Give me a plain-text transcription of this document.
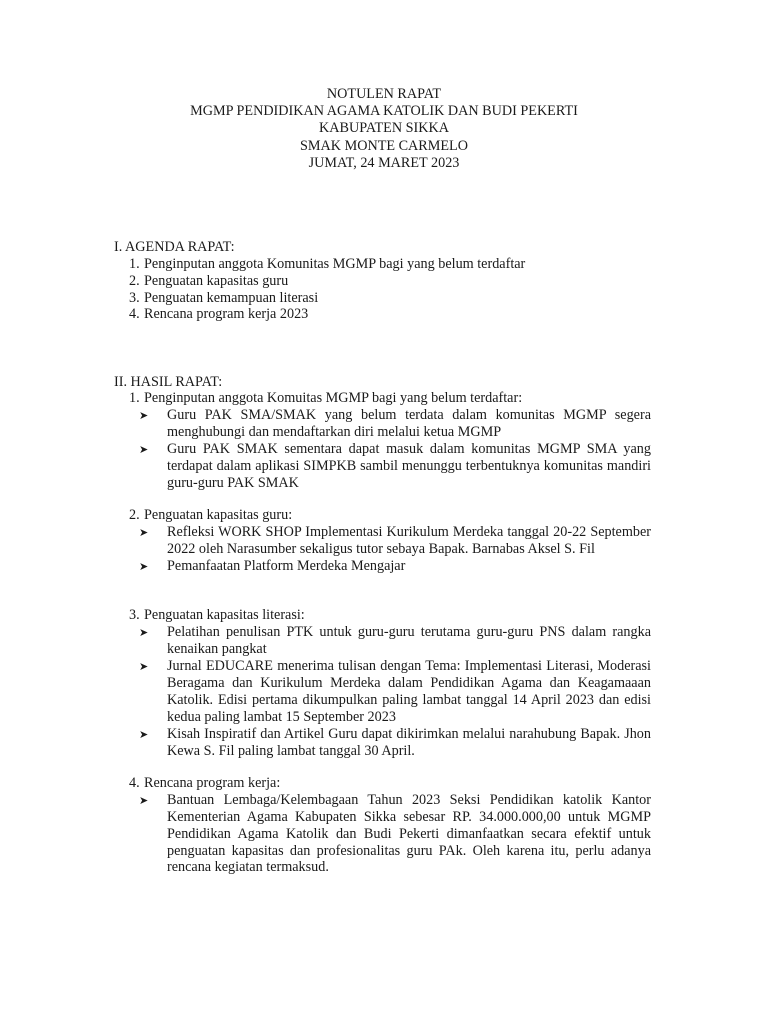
NOTULEN RAPAT
MGMP PENDIDIKAN AGAMA KATOLIK DAN BUDI PEKERTI
KABUPATEN SIKKA
SMAK MONTE CARMELO
JUMAT, 24 MARET 2023
I. AGENDA RAPAT:
1. Penginputan anggota Komunitas MGMP bagi yang belum terdaftar
2. Penguatan kapasitas guru
3. Penguatan kemampuan literasi
4. Rencana program kerja 2023
II. HASIL RAPAT:
1. Penginputan anggota Komuitas MGMP bagi yang belum terdaftar:
➤ Guru PAK SMA/SMAK yang belum terdata dalam komunitas MGMP segera menghubungi dan mendaftarkan diri melalui ketua MGMP
➤ Guru PAK SMAK sementara dapat masuk dalam komunitas MGMP SMA yang terdapat dalam aplikasi SIMPKB sambil menunggu terbentuknya komunitas mandiri guru-guru PAK SMAK
2. Penguatan kapasitas guru:
➤ Refleksi WORK SHOP Implementasi Kurikulum Merdeka tanggal 20-22 September 2022 oleh Narasumber sekaligus tutor sebaya Bapak. Barnabas Aksel S. Fil
➤ Pemanfaatan Platform Merdeka Mengajar
3. Penguatan kapasitas literasi:
➤ Pelatihan penulisan PTK untuk guru-guru terutama guru-guru PNS dalam rangka kenaikan pangkat
➤ Jurnal EDUCARE menerima tulisan dengan Tema: Implementasi Literasi, Moderasi Beragama dan Kurikulum Merdeka dalam Pendidikan Agama dan Keagamaaan Katolik. Edisi pertama dikumpulkan paling lambat tanggal 14 April 2023 dan edisi kedua paling lambat 15 September 2023
➤ Kisah Inspiratif dan Artikel Guru dapat dikirimkan melalui narahubung Bapak. Jhon Kewa S. Fil paling lambat tanggal 30 April.
4. Rencana program kerja:
➤ Bantuan Lembaga/Kelembagaan Tahun 2023 Seksi Pendidikan katolik Kantor Kementerian Agama Kabupaten Sikka sebesar RP. 34.000.000,00 untuk MGMP Pendidikan Agama Katolik dan Budi Pekerti dimanfaatkan secara efektif untuk penguatan kapasitas dan profesionalitas guru PAk. Oleh karena itu, perlu adanya rencana kegiatan termaksud.
